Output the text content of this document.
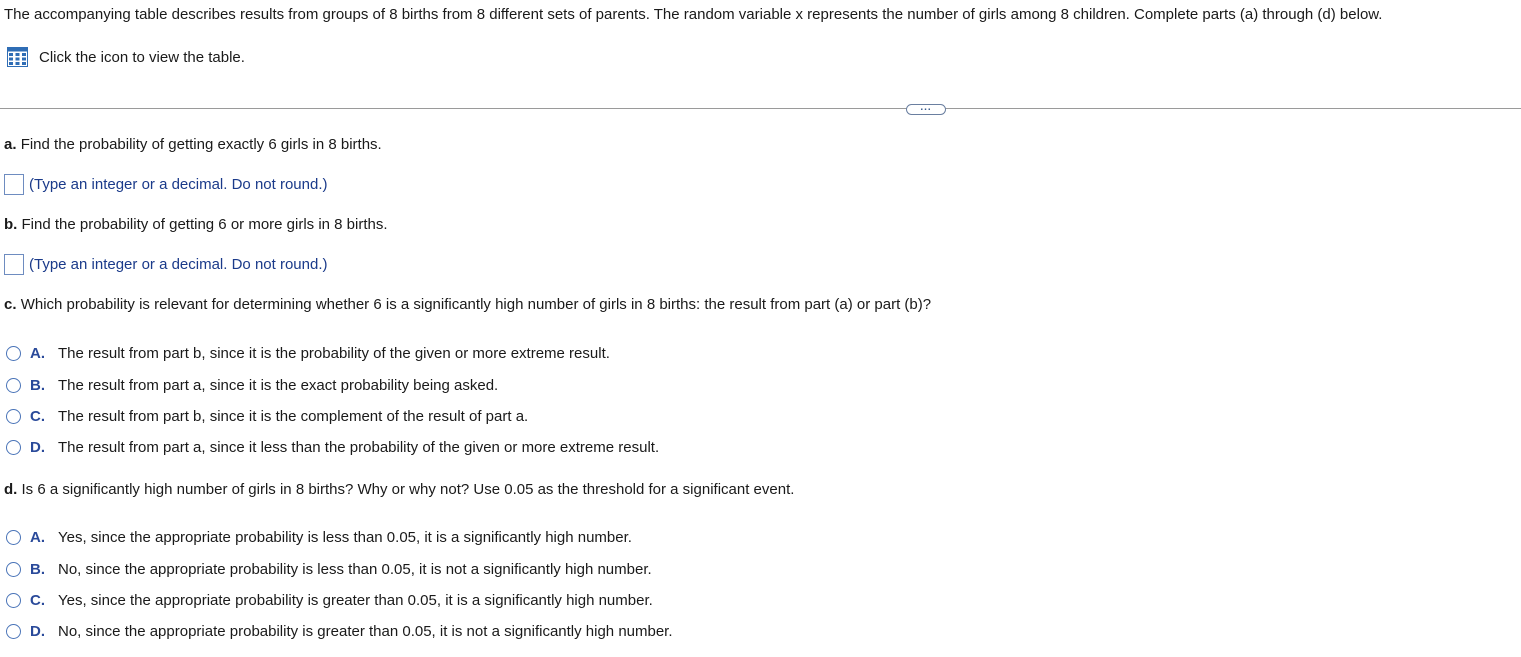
The accompanying table describes results from groups of 8 births from 8 different sets of parents. The random variable x represents the number of girls among 8 children. Complete parts (a) through (d) below.
Click the icon to view the table.
...
a. Find the probability of getting exactly 6 girls in 8 births.
(Type an integer or a decimal. Do not round.)
b. Find the probability of getting 6 or more girls in 8 births.
(Type an integer or a decimal. Do not round.)
c. Which probability is relevant for determining whether 6 is a significantly high number of girls in 8 births: the result from part (a) or part (b)?
A. The result from part b, since it is the probability of the given or more extreme result.
B. The result from part a, since it is the exact probability being asked.
C. The result from part b, since it is the complement of the result of part a.
D. The result from part a, since it less than the probability of the given or more extreme result.
d. Is 6 a significantly high number of girls in 8 births? Why or why not? Use 0.05 as the threshold for a significant event.
A. Yes, since the appropriate probability is less than 0.05, it is a significantly high number.
B. No, since the appropriate probability is less than 0.05, it is not a significantly high number.
C. Yes, since the appropriate probability is greater than 0.05, it is a significantly high number.
D. No, since the appropriate probability is greater than 0.05, it is not a significantly high number.
